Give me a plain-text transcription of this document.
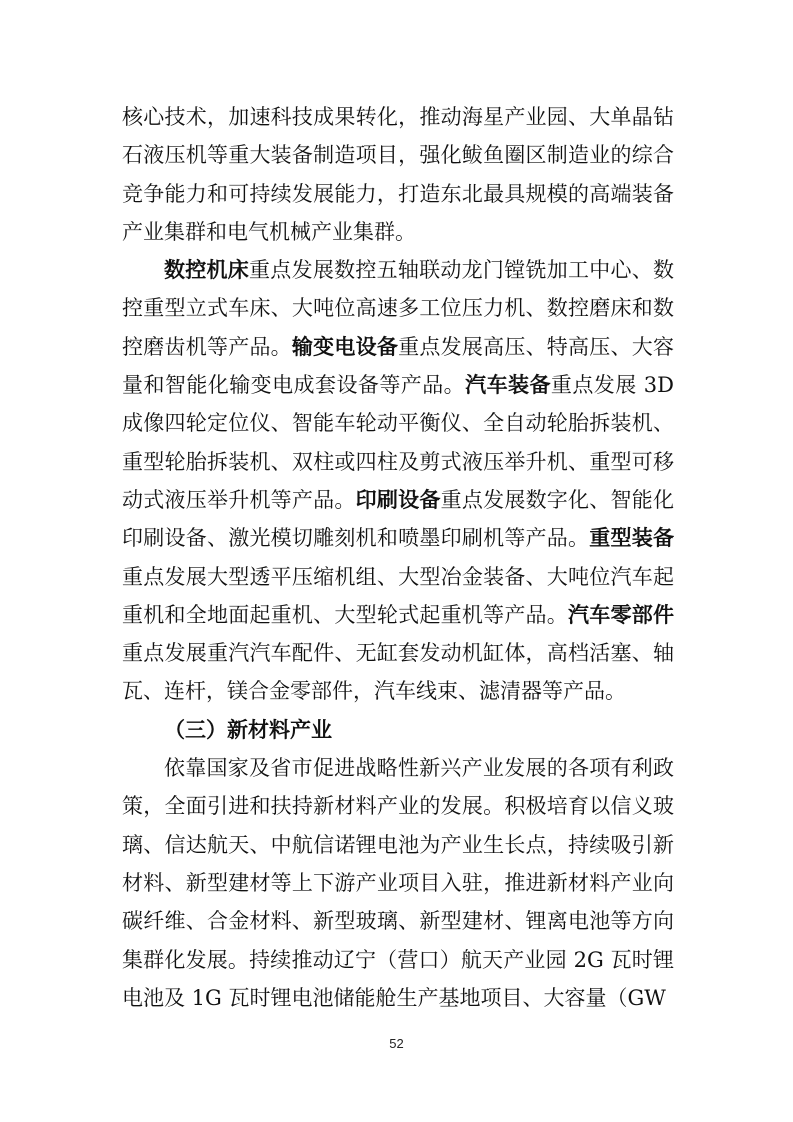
核心技术，加速科技成果转化，推动海星产业园、大单晶钻石液压机等重大装备制造项目，强化鲅鱼圈区制造业的综合竞争能力和可持续发展能力，打造东北最具规模的高端装备产业集群和电气机械产业集群。

数控机床重点发展数控五轴联动龙门镗铣加工中心、数控重型立式车床、大吨位高速多工位压力机、数控磨床和数控磨齿机等产品。输变电设备重点发展高压、特高压、大容量和智能化输变电成套设备等产品。汽车装备重点发展 3D 成像四轮定位仪、智能车轮动平衡仪、全自动轮胎拆装机、重型轮胎拆装机、双柱或四柱及剪式液压举升机、重型可移动式液压举升机等产品。印刷设备重点发展数字化、智能化印刷设备、激光模切雕刻机和喷墨印刷机等产品。重型装备重点发展大型透平压缩机组、大型冶金装备、大吨位汽车起重机和全地面起重机、大型轮式起重机等产品。汽车零部件重点发展重汽汽车配件、无缸套发动机缸体，高档活塞、轴瓦、连杆，镁合金零部件，汽车线束、滤清器等产品。

（三）新材料产业

依靠国家及省市促进战略性新兴产业发展的各项有利政策，全面引进和扶持新材料产业的发展。积极培育以信义玻璃、信达航天、中航信诺锂电池为产业生长点，持续吸引新材料、新型建材等上下游产业项目入驻，推进新材料产业向碳纤维、合金材料、新型玻璃、新型建材、锂离电池等方向集群化发展。持续推动辽宁（营口）航天产业园 2G 瓦时锂电池及 1G 瓦时锂电池储能舱生产基地项目、大容量（GW

52
